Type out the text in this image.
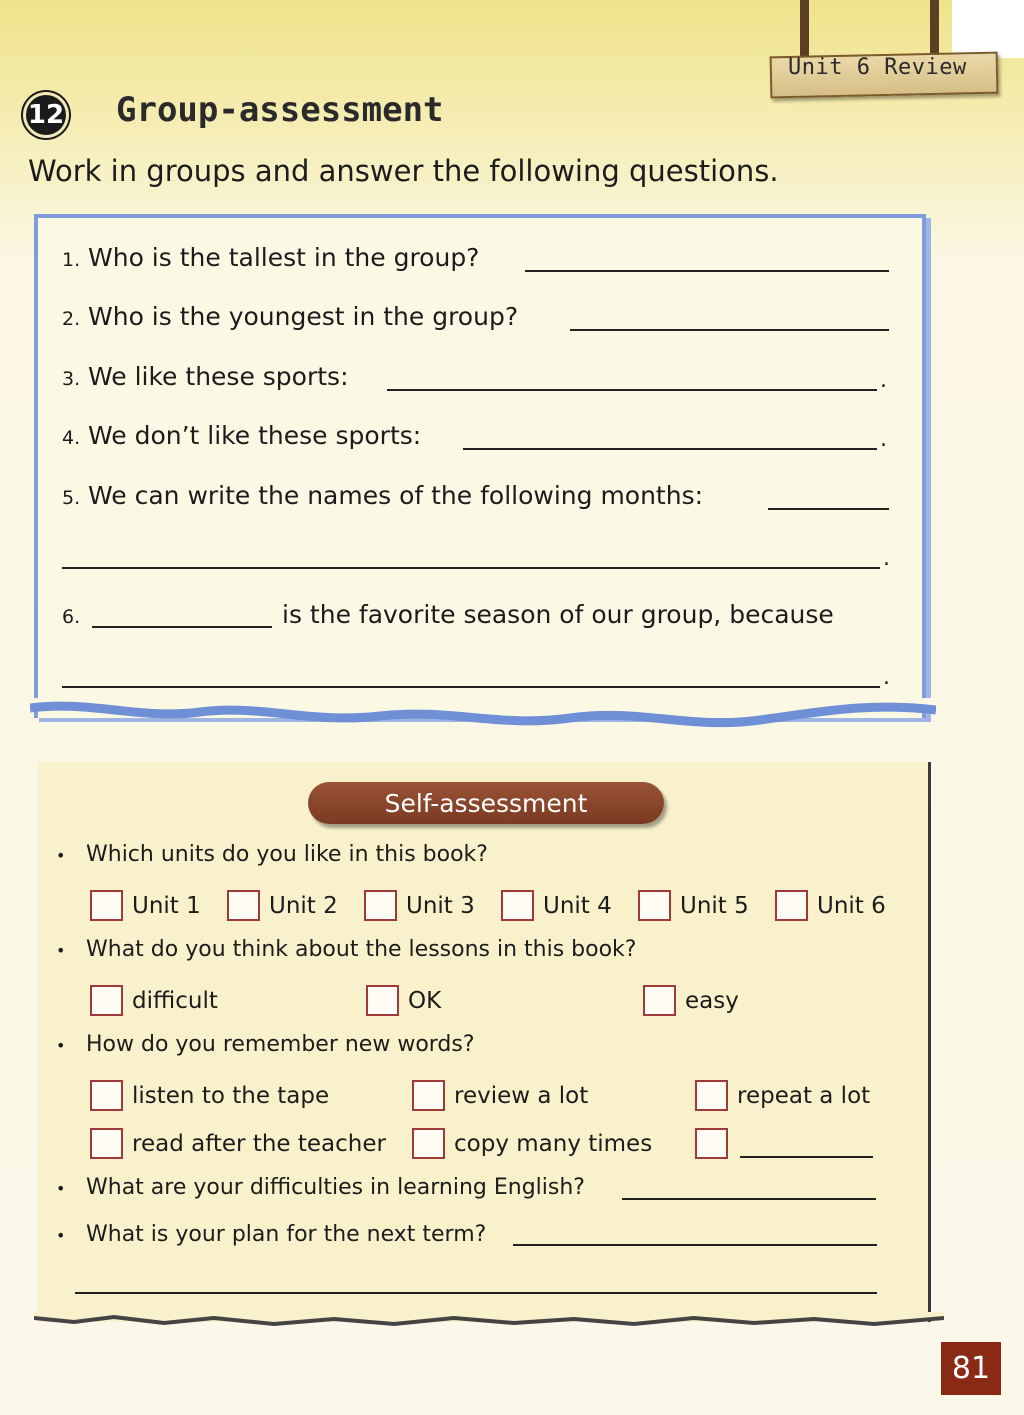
Unit 6 Review
12 Group-assessment
Work in groups and answer the following questions.
1. Who is the tallest in the group?
2. Who is the youngest in the group?
3. We like these sports:	.
4. We don’t like these sports:	.
5. We can write the names of the following months:
.
6.	is the favorite season of our group, because
.
Self-assessment
• Which units do you like in this book?
Unit 1	Unit 2	Unit 3	Unit 4	Unit 5	Unit 6
• What do you think about the lessons in this book?
difficult	OK	easy
• How do you remember new words?
listen to the tape	review a lot	repeat a lot
read after the teacher	copy many times
• What are your difficulties in learning English?
• What is your plan for the next term?
81
